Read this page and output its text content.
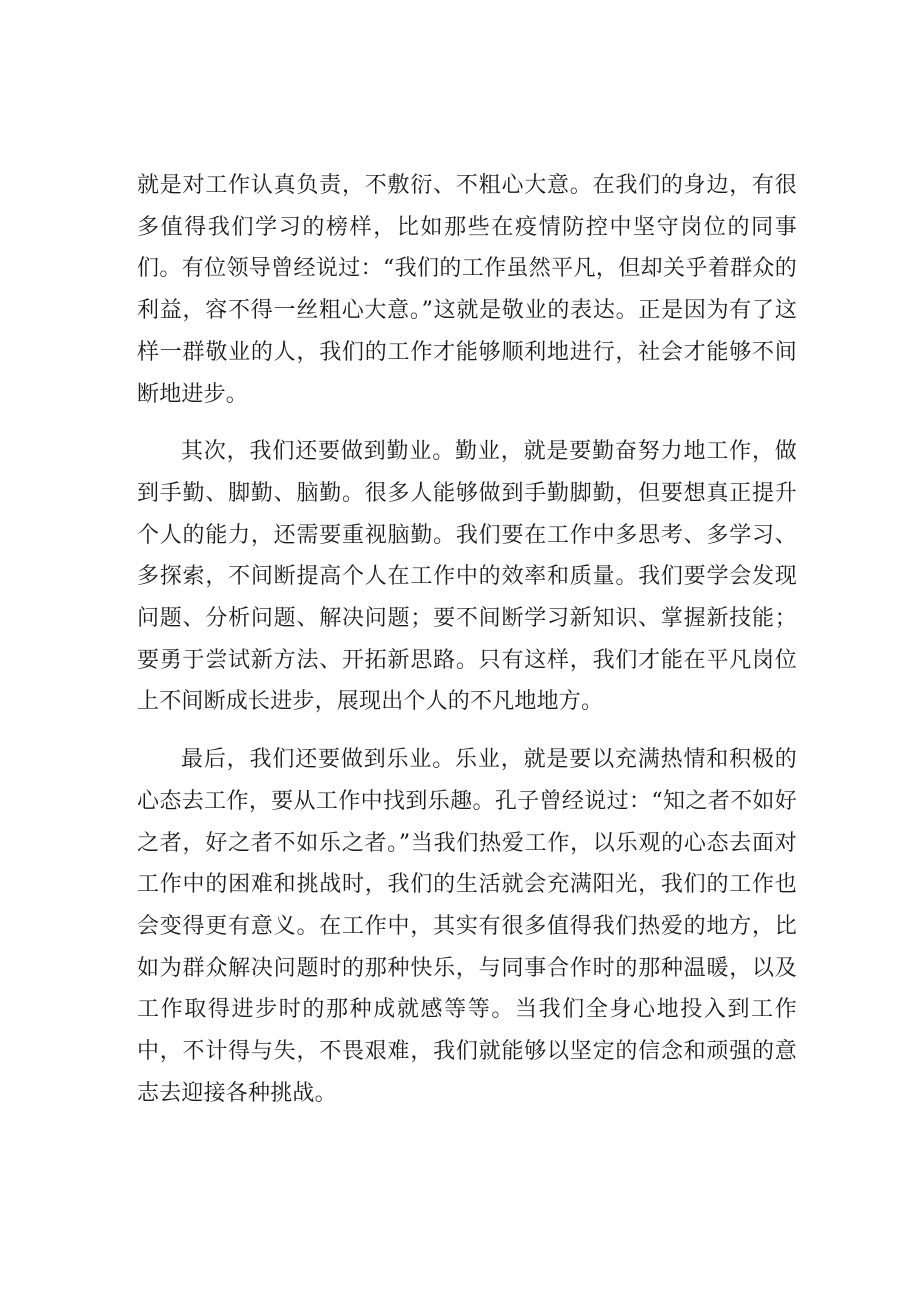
就是对工作认真负责，不敷衍、不粗心大意。在我们的身边，有很多值得我们学习的榜样，比如那些在疫情防控中坚守岗位的同事们。有位领导曾经说过：“我们的工作虽然平凡，但却关乎着群众的利益，容不得一丝粗心大意。”这就是敬业的表达。正是因为有了这样一群敬业的人，我们的工作才能够顺利地进行，社会才能够不间断地进步。

其次，我们还要做到勤业。勤业，就是要勤奋努力地工作，做到手勤、脚勤、脑勤。很多人能够做到手勤脚勤，但要想真正提升个人的能力，还需要重视脑勤。我们要在工作中多思考、多学习、多探索，不间断提高个人在工作中的效率和质量。我们要学会发现问题、分析问题、解决问题；要不间断学习新知识、掌握新技能；要勇于尝试新方法、开拓新思路。只有这样，我们才能在平凡岗位上不间断成长进步，展现出个人的不凡地地方。

最后，我们还要做到乐业。乐业，就是要以充满热情和积极的心态去工作，要从工作中找到乐趣。孔子曾经说过：“知之者不如好之者，好之者不如乐之者。”当我们热爱工作，以乐观的心态去面对工作中的困难和挑战时，我们的生活就会充满阳光，我们的工作也会变得更有意义。在工作中，其实有很多值得我们热爱的地方，比如为群众解决问题时的那种快乐，与同事合作时的那种温暖，以及工作取得进步时的那种成就感等等。当我们全身心地投入到工作中，不计得与失，不畏艰难，我们就能够以坚定的信念和顽强的意志去迎接各种挑战。
